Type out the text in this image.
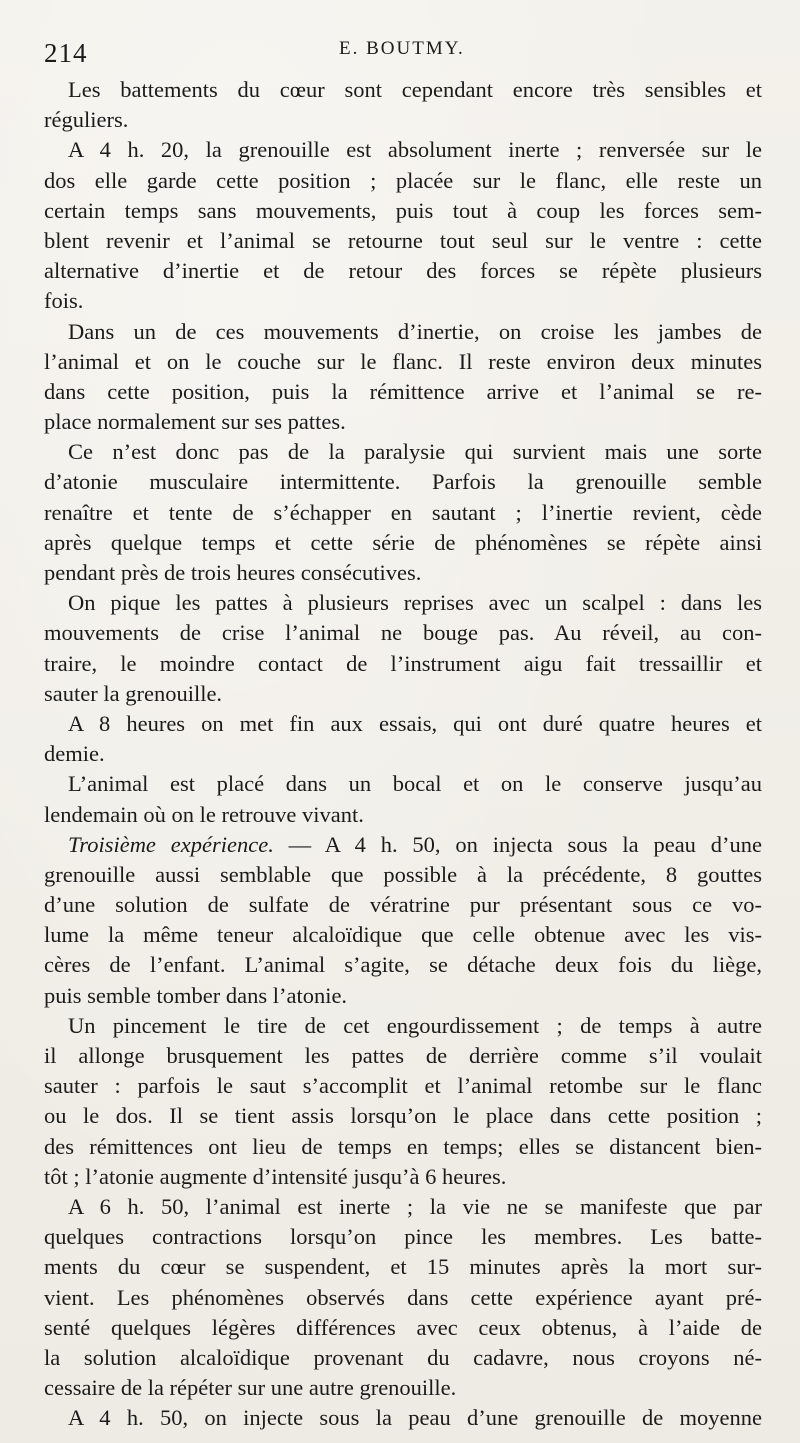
214	E. BOUTMY.
Les battements du cœur sont cependant encore très sensibles et
réguliers.
A 4 h. 20, la grenouille est absolument inerte ; renversée sur le
dos elle garde cette position ; placée sur le flanc, elle reste un
certain temps sans mouvements, puis tout à coup les forces sem-
blent revenir et l’animal se retourne tout seul sur le ventre : cette
alternative d’inertie et de retour des forces se répète plusieurs
fois.
Dans un de ces mouvements d’inertie, on croise les jambes de
l’animal et on le couche sur le flanc. Il reste environ deux minutes
dans cette position, puis la rémittence arrive et l’animal se re-
place normalement sur ses pattes.
Ce n’est donc pas de la paralysie qui survient mais une sorte
d’atonie musculaire intermittente. Parfois la grenouille semble
renaître et tente de s’échapper en sautant ; l’inertie revient, cède
après quelque temps et cette série de phénomènes se répète ainsi
pendant près de trois heures consécutives.
On pique les pattes à plusieurs reprises avec un scalpel : dans les
mouvements de crise l’animal ne bouge pas. Au réveil, au con-
traire, le moindre contact de l’instrument aigu fait tressaillir et
sauter la grenouille.
A 8 heures on met fin aux essais, qui ont duré quatre heures et
demie.
L’animal est placé dans un bocal et on le conserve jusqu’au
lendemain où on le retrouve vivant.
Troisième expérience. — A 4 h. 50, on injecta sous la peau d’une
grenouille aussi semblable que possible à la précédente, 8 gouttes
d’une solution de sulfate de vératrine pur présentant sous ce vo-
lume la même teneur alcaloïdique que celle obtenue avec les vis-
cères de l’enfant. L’animal s’agite, se détache deux fois du liège,
puis semble tomber dans l’atonie.
Un pincement le tire de cet engourdissement ; de temps à autre
il allonge brusquement les pattes de derrière comme s’il voulait
sauter : parfois le saut s’accomplit et l’animal retombe sur le flanc
ou le dos. Il se tient assis lorsqu’on le place dans cette position ;
des rémittences ont lieu de temps en temps; elles se distancent bien-
tôt ; l’atonie augmente d’intensité jusqu’à 6 heures.
A 6 h. 50, l’animal est inerte ; la vie ne se manifeste que par
quelques contractions lorsqu’on pince les membres. Les batte-
ments du cœur se suspendent, et 15 minutes après la mort sur-
vient. Les phénomènes observés dans cette expérience ayant pré-
senté quelques légères différences avec ceux obtenus, à l’aide de
la solution alcaloïdique provenant du cadavre, nous croyons né-
cessaire de la répéter sur une autre grenouille.
A 4 h. 50, on injecte sous la peau d’une grenouille de moyenne
